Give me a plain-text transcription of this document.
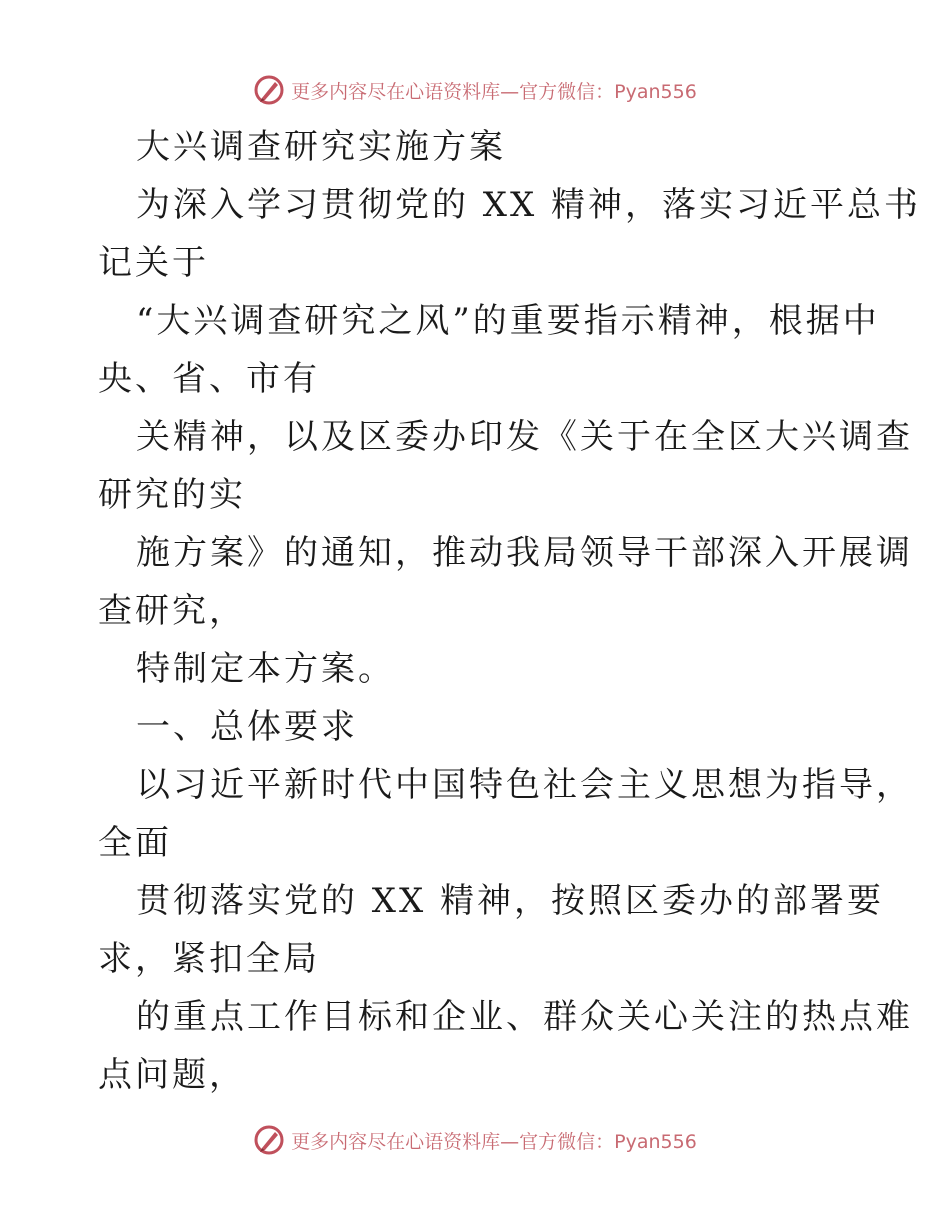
更多内容尽在心语资料库—官方微信：Pyan556
大兴调查研究实施方案
为深入学习贯彻党的 XX 精神，落实习近平总书
记关于
“大兴调查研究之风”的重要指示精神，根据中
央、省、市有
关精神，以及区委办印发《关于在全区大兴调查
研究的实
施方案》的通知，推动我局领导干部深入开展调
查研究，
特制定本方案。
一、总体要求
以习近平新时代中国特色社会主义思想为指导，
全面
贯彻落实党的 XX 精神，按照区委办的部署要
求，紧扣全局
的重点工作目标和企业、群众关心关注的热点难
点问题，
更多内容尽在心语资料库—官方微信：Pyan556
